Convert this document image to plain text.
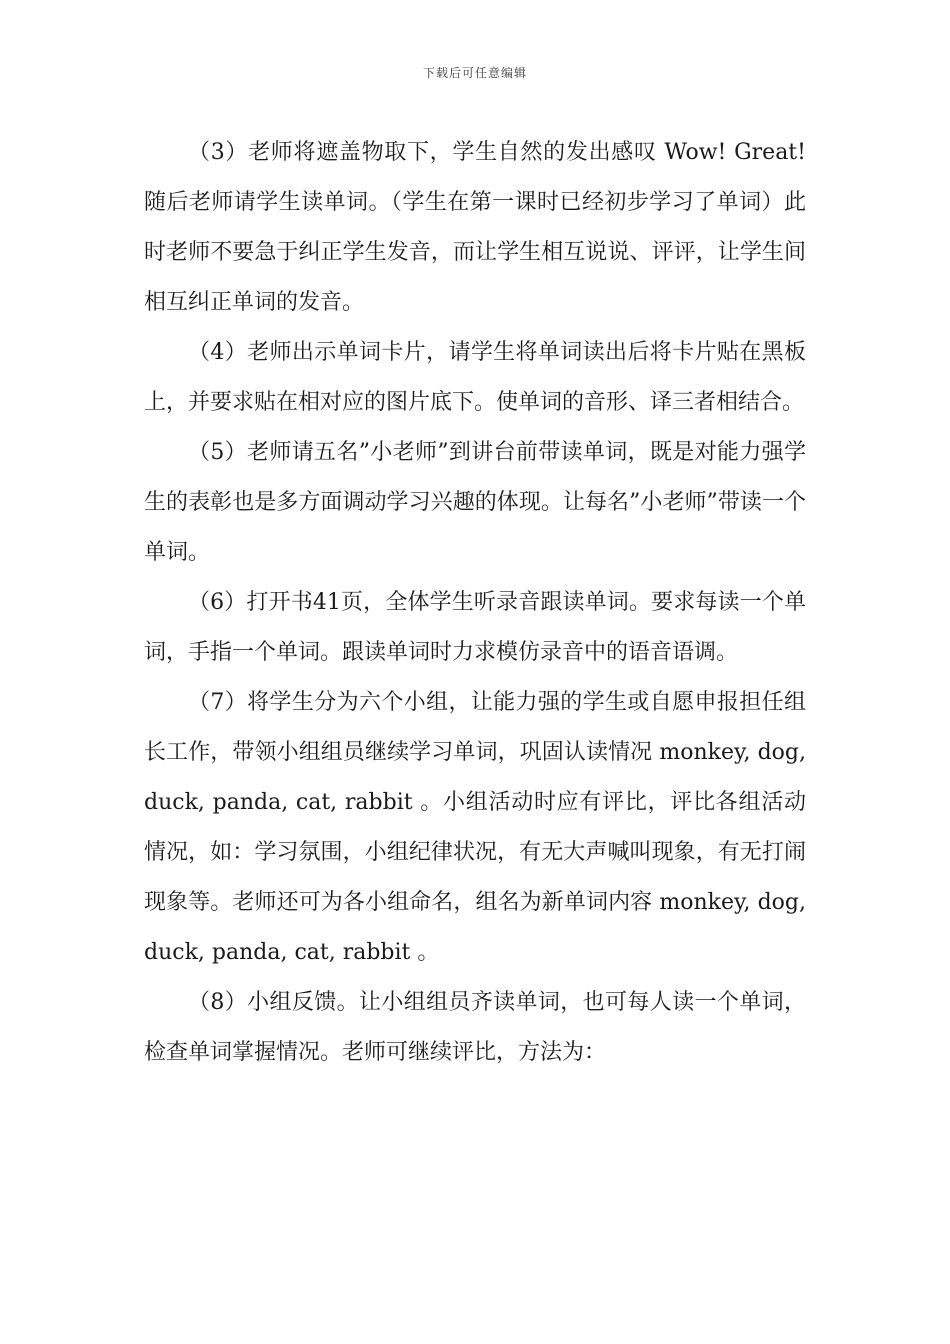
下载后可任意编辑

（3）老师将遮盖物取下，学生自然的发出感叹 Wow! Great! 随后老师请学生读单词。（学生在第一课时已经初步学习了单词）此时老师不要急于纠正学生发音，而让学生相互说说、评评，让学生间相互纠正单词的发音。

（4）老师出示单词卡片，请学生将单词读出后将卡片贴在黑板上，并要求贴在相对应的图片底下。使单词的音形、译三者相结合。

（5）老师请五名”小老师”到讲台前带读单词，既是对能力强学生的表彰也是多方面调动学习兴趣的体现。让每名”小老师”带读一个单词。

（6）打开书41页，全体学生听录音跟读单词。要求每读一个单词，手指一个单词。跟读单词时力求模仿录音中的语音语调。

（7）将学生分为六个小组，让能力强的学生或自愿申报担任组长工作，带领小组组员继续学习单词，巩固认读情况 monkey, dog, duck, panda, cat, rabbit 。小组活动时应有评比，评比各组活动情况，如：学习氛围，小组纪律状况，有无大声喊叫现象，有无打闹现象等。老师还可为各小组命名，组名为新单词内容 monkey, dog, duck, panda, cat, rabbit 。

（8）小组反馈。让小组组员齐读单词，也可每人读一个单词，检查单词掌握情况。老师可继续评比，方法为：
